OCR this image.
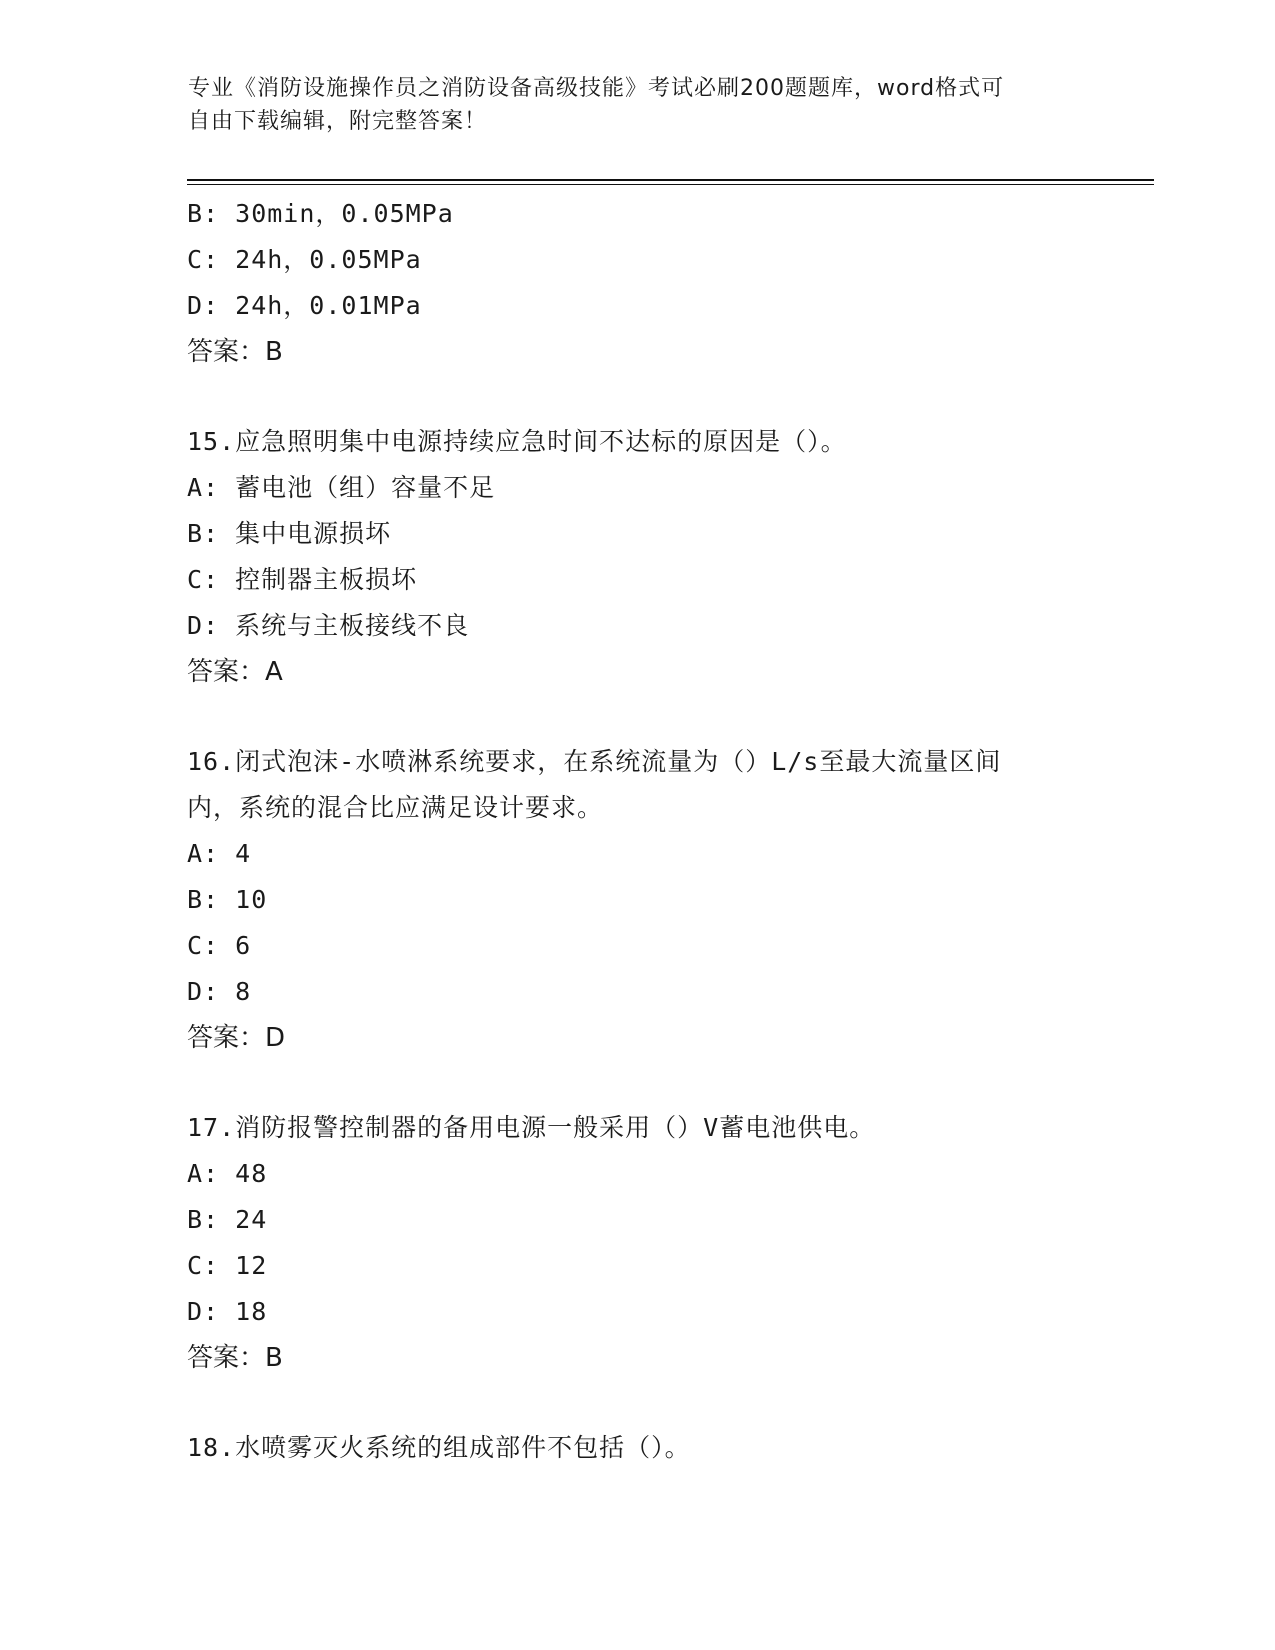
专业《消防设施操作员之消防设备高级技能》考试必刷200题题库，word格式可
自由下载编辑，附完整答案！
B: 30min，0.05MPa
C: 24h，0.05MPa
D: 24h，0.01MPa
答案：B
15.应急照明集中电源持续应急时间不达标的原因是（）。
A: 蓄电池（组）容量不足
B: 集中电源损坏
C: 控制器主板损坏
D: 系统与主板接线不良
答案：A
16.闭式泡沫-水喷淋系统要求，在系统流量为（）L/s至最大流量区间
内，系统的混合比应满足设计要求。
A: 4
B: 10
C: 6
D: 8
答案：D
17.消防报警控制器的备用电源一般采用（）V蓄电池供电。
A: 48
B: 24
C: 12
D: 18
答案：B
18.水喷雾灭火系统的组成部件不包括（）。
